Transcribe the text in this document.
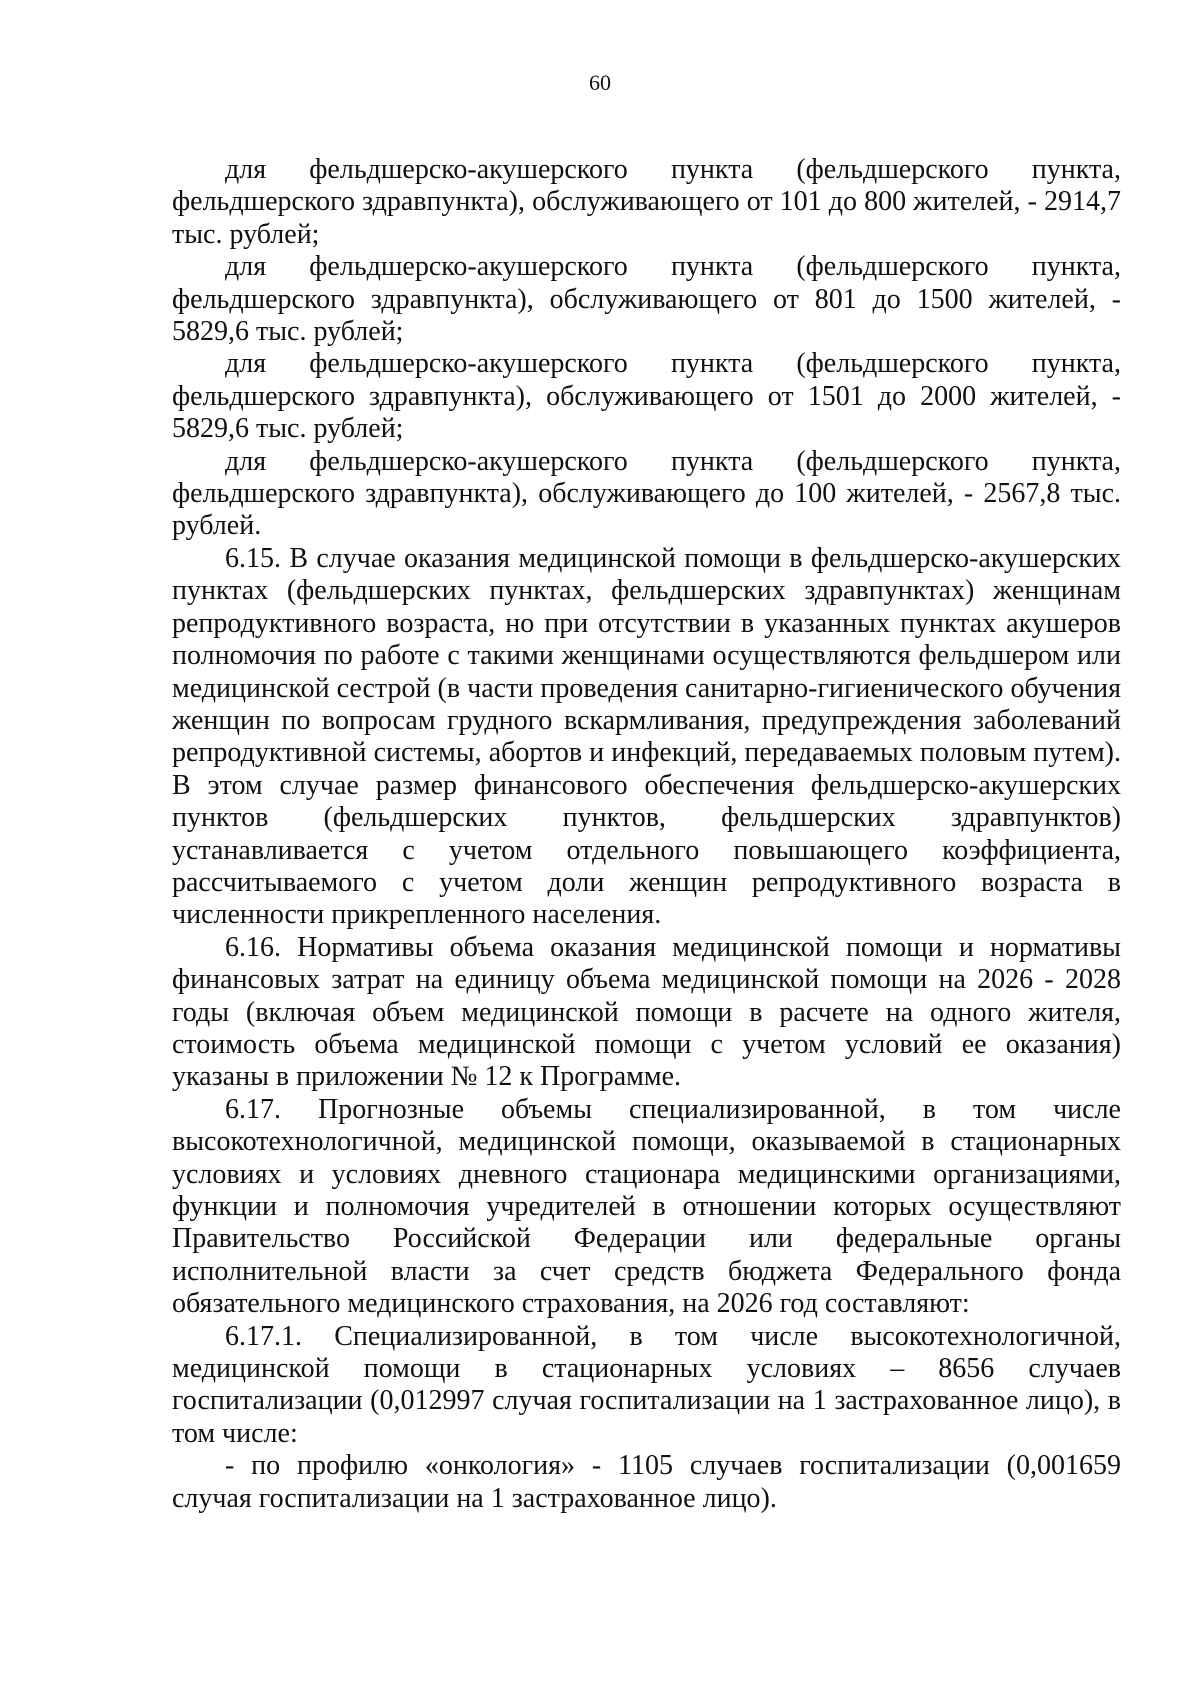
60

для фельдшерско-акушерского пункта (фельдшерского пункта, фельдшерского здравпункта), обслуживающего от 101 до 800 жителей, - 2914,7 тыс. рублей;

для фельдшерско-акушерского пункта (фельдшерского пункта, фельдшерского здравпункта), обслуживающего от 801 до 1500 жителей, - 5829,6 тыс. рублей;

для фельдшерско-акушерского пункта (фельдшерского пункта, фельдшерского здравпункта), обслуживающего от 1501 до 2000 жителей, - 5829,6 тыс. рублей;

для фельдшерско-акушерского пункта (фельдшерского пункта, фельдшерского здравпункта), обслуживающего до 100 жителей, - 2567,8 тыс. рублей.

6.15. В случае оказания медицинской помощи в фельдшерско-акушерских пунктах (фельдшерских пунктах, фельдшерских здравпунктах) женщинам репродуктивного возраста, но при отсутствии в указанных пунктах акушеров полномочия по работе с такими женщинами осуществляются фельдшером или медицинской сестрой (в части проведения санитарно-гигиенического обучения женщин по вопросам грудного вскармливания, предупреждения заболеваний репродуктивной системы, абортов и инфекций, передаваемых половым путем). В этом случае размер финансового обеспечения фельдшерско-акушерских пунктов (фельдшерских пунктов, фельдшерских здравпунктов) устанавливается с учетом отдельного повышающего коэффициента, рассчитываемого с учетом доли женщин репродуктивного возраста в численности прикрепленного населения.

6.16. Нормативы объема оказания медицинской помощи и нормативы финансовых затрат на единицу объема медицинской помощи на 2026 - 2028 годы (включая объем медицинской помощи в расчете на одного жителя, стоимость объема медицинской помощи с учетом условий ее оказания) указаны в приложении № 12 к Программе.

6.17. Прогнозные объемы специализированной, в том числе высокотехнологичной, медицинской помощи, оказываемой в стационарных условиях и условиях дневного стационара медицинскими организациями, функции и полномочия учредителей в отношении которых осуществляют Правительство Российской Федерации или федеральные органы исполнительной власти за счет средств бюджета Федерального фонда обязательного медицинского страхования, на 2026 год составляют:

6.17.1. Специализированной, в том числе высокотехнологичной, медицинской помощи в стационарных условиях – 8656 случаев госпитализации (0,012997 случая госпитализации на 1 застрахованное лицо), в том числе:

- по профилю «онкология» - 1105 случаев госпитализации (0,001659 случая госпитализации на 1 застрахованное лицо).
